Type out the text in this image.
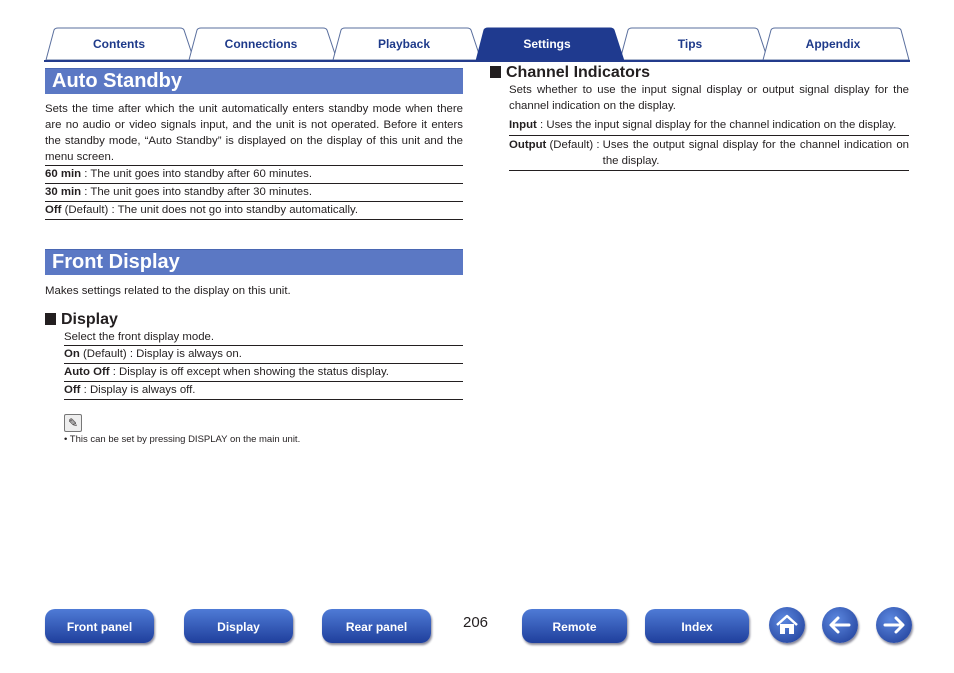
Contents	Connections	Playback	Settings	Tips	Appendix
Auto Standby
Sets the time after which the unit automatically enters standby mode when there are no audio or video signals input, and the unit is not operated. Before it enters the standby mode, “Auto Standby” is displayed on the display of this unit and the menu screen.
60 min : The unit goes into standby after 60 minutes.
30 min : The unit goes into standby after 30 minutes.
Off (Default) : The unit does not go into standby automatically.
Front Display
Makes settings related to the display on this unit.
Display
Select the front display mode.
On (Default) : Display is always on.
Auto Off : Display is off except when showing the status display.
Off : Display is always off.
✎
• This can be set by pressing DISPLAY on the main unit.
Channel Indicators
Sets whether to use the input signal display or output signal display for the channel indication on the display.
Input : Uses the input signal display for the channel indication on the display.
Output (Default) : Uses the output signal display for the channel indication on the display.
Front panel	Display	Rear panel	206	Remote	Index
